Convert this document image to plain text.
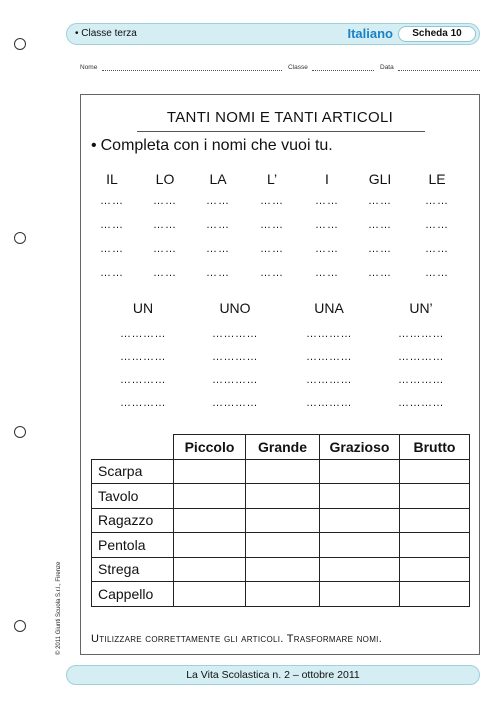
• Classe terza	Italiano	Scheda 10
Nome	Classe	Data
TANTI NOMI E TANTI ARTICOLI
• Completa con i nomi che vuoi tu.
IL	LO	LA	L’	I	GLI	LE
……	……	……	……	……	……	……
……	……	……	……	……	……	……
……	……	……	……	……	……	……
……	……	……	……	……	……	……
UN	UNO	UNA	UN’
…………	…………	…………	…………
…………	…………	…………	…………
…………	…………	…………	…………
…………	…………	…………	…………
	Piccolo	Grande	Grazioso	Brutto
Scarpa				
Tavolo				
Ragazzo				
Pentola				
Strega				
Cappello				
Utilizzare correttamente gli articoli. Trasformare nomi.
© 2011 Giunti Scuola S.r.l., Firenze
La Vita Scolastica n. 2 – ottobre 2011
